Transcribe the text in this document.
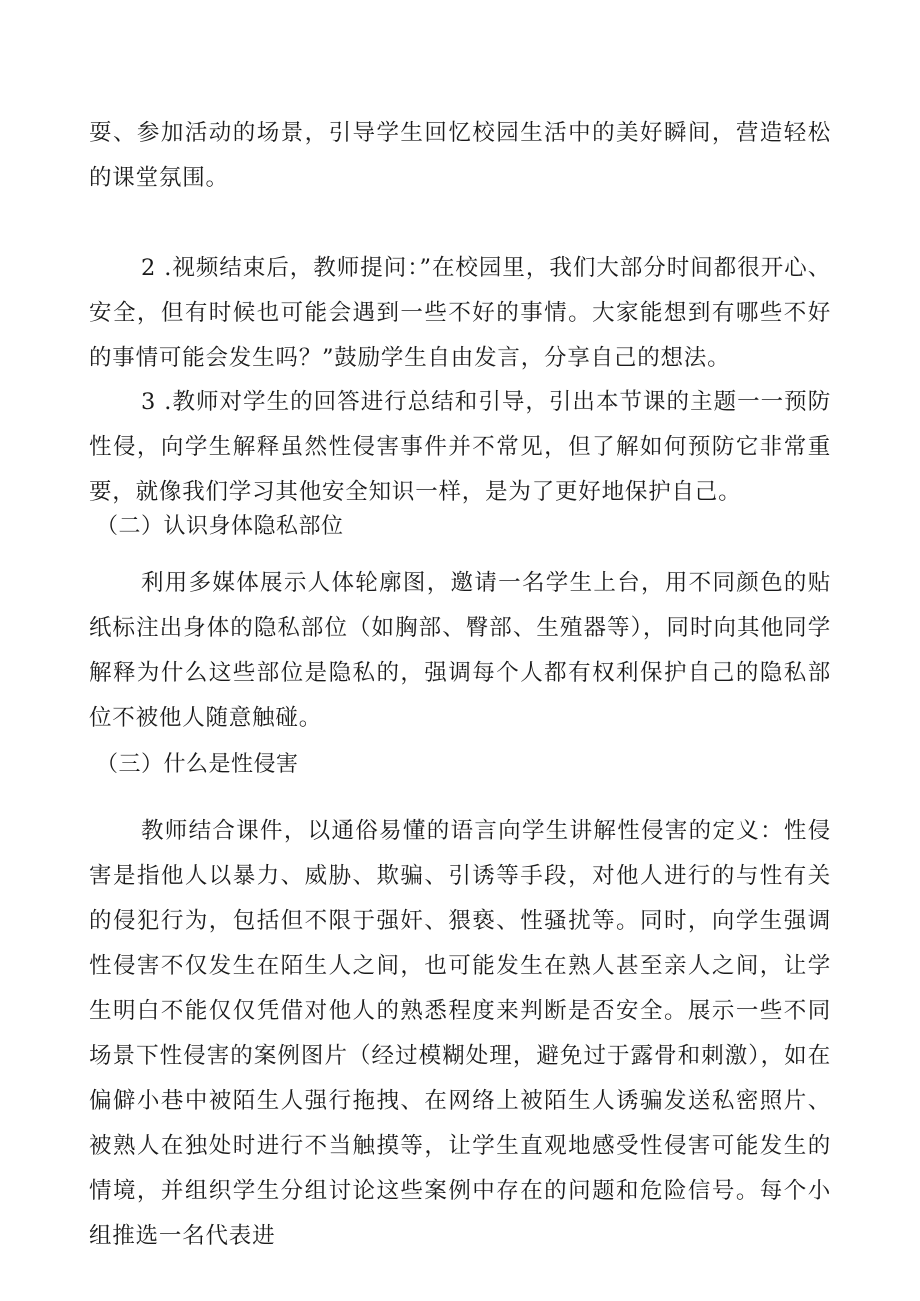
耍、参加活动的场景，引导学生回忆校园生活中的美好瞬间，营造轻松的课堂氛围。

2 .视频结束后，教师提问：”在校园里，我们大部分时间都很开心、安全，但有时候也可能会遇到一些不好的事情。大家能想到有哪些不好的事情可能会发生吗？”鼓励学生自由发言，分享自己的想法。

3 .教师对学生的回答进行总结和引导，引出本节课的主题一一预防性侵，向学生解释虽然性侵害事件并不常见，但了解如何预防它非常重要，就像我们学习其他安全知识一样，是为了更好地保护自己。

（二）认识身体隐私部位

利用多媒体展示人体轮廓图，邀请一名学生上台，用不同颜色的贴纸标注出身体的隐私部位（如胸部、臀部、生殖器等），同时向其他同学解释为什么这些部位是隐私的，强调每个人都有权利保护自己的隐私部位不被他人随意触碰。

（三）什么是性侵害

教师结合课件，以通俗易懂的语言向学生讲解性侵害的定义：性侵害是指他人以暴力、威胁、欺骗、引诱等手段，对他人进行的与性有关的侵犯行为，包括但不限于强奸、猥亵、性骚扰等。同时，向学生强调性侵害不仅发生在陌生人之间，也可能发生在熟人甚至亲人之间，让学生明白不能仅仅凭借对他人的熟悉程度来判断是否安全。展示一些不同场景下性侵害的案例图片（经过模糊处理，避免过于露骨和刺激），如在偏僻小巷中被陌生人强行拖拽、在网络上被陌生人诱骗发送私密照片、被熟人在独处时进行不当触摸等，让学生直观地感受性侵害可能发生的情境，并组织学生分组讨论这些案例中存在的问题和危险信号。每个小组推选一名代表进
